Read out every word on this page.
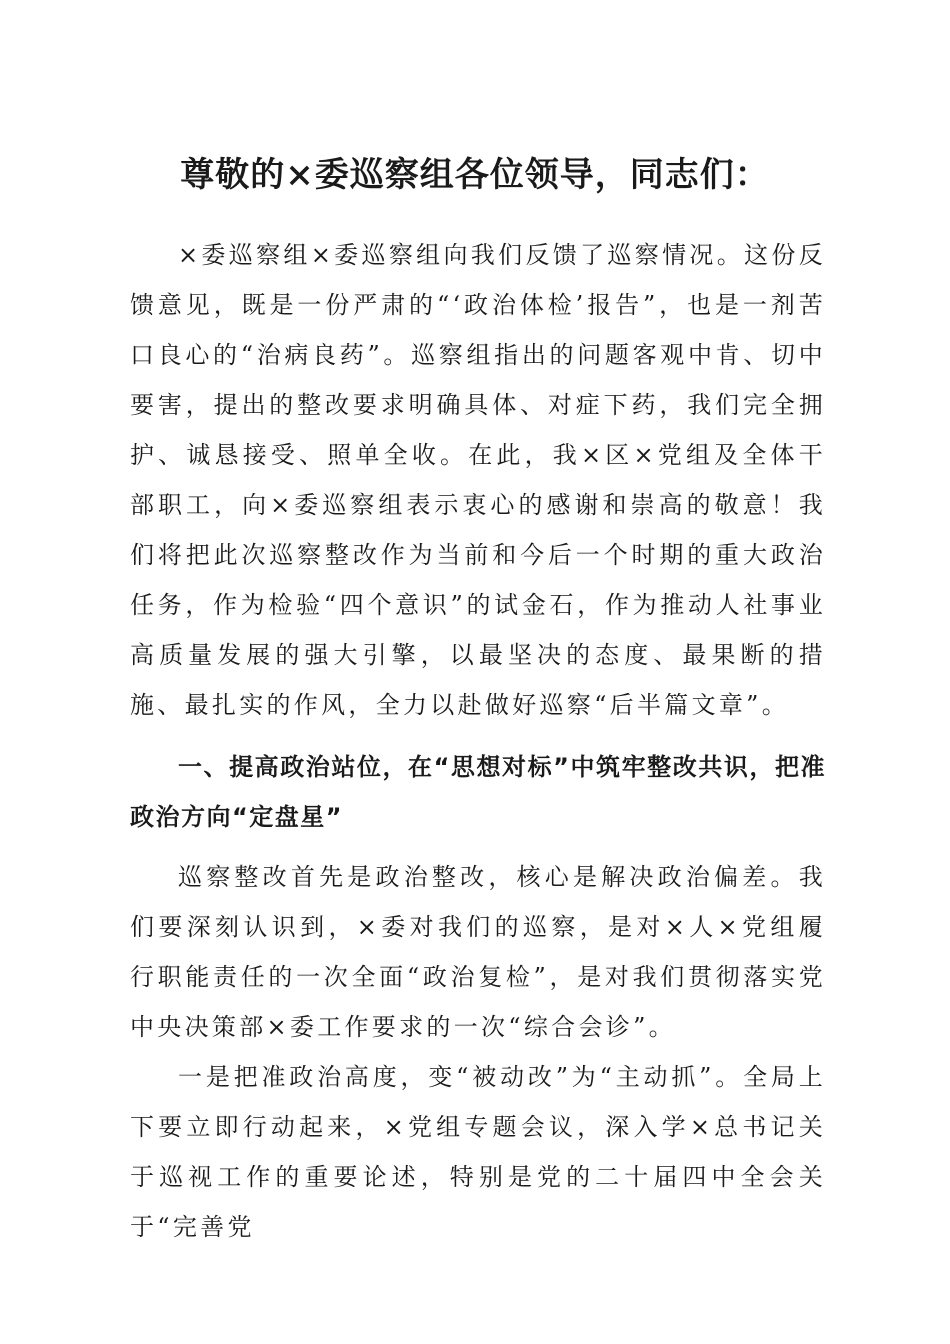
尊敬的×委巡察组各位领导，同志们：

×委巡察组×委巡察组向我们反馈了巡察情况。这份反馈意见，既是一份严肃的“‘政治体检’报告”，也是一剂苦口良心的“治病良药”。巡察组指出的问题客观中肯、切中要害，提出的整改要求明确具体、对症下药，我们完全拥护、诚恳接受、照单全收。在此，我×区×党组及全体干部职工，向×委巡察组表示衷心的感谢和崇高的敬意！我们将把此次巡察整改作为当前和今后一个时期的重大政治任务，作为检验“四个意识”的试金石，作为推动人社事业高质量发展的强大引擎，以最坚决的态度、最果断的措施、最扎实的作风，全力以赴做好巡察“后半篇文章”。

一、提高政治站位，在“思想对标”中筑牢整改共识，把准政治方向“定盘星”

巡察整改首先是政治整改，核心是解决政治偏差。我们要深刻认识到，×委对我们的巡察，是对×人×党组履行职能责任的一次全面“政治复检”，是对我们贯彻落实党中央决策部×委工作要求的一次“综合会诊”。

一是把准政治高度，变“被动改”为“主动抓”。全局上下要立即行动起来，×党组专题会议，深入学×总书记关于巡视工作的重要论述，特别是党的二十届四中全会关于“完善党
